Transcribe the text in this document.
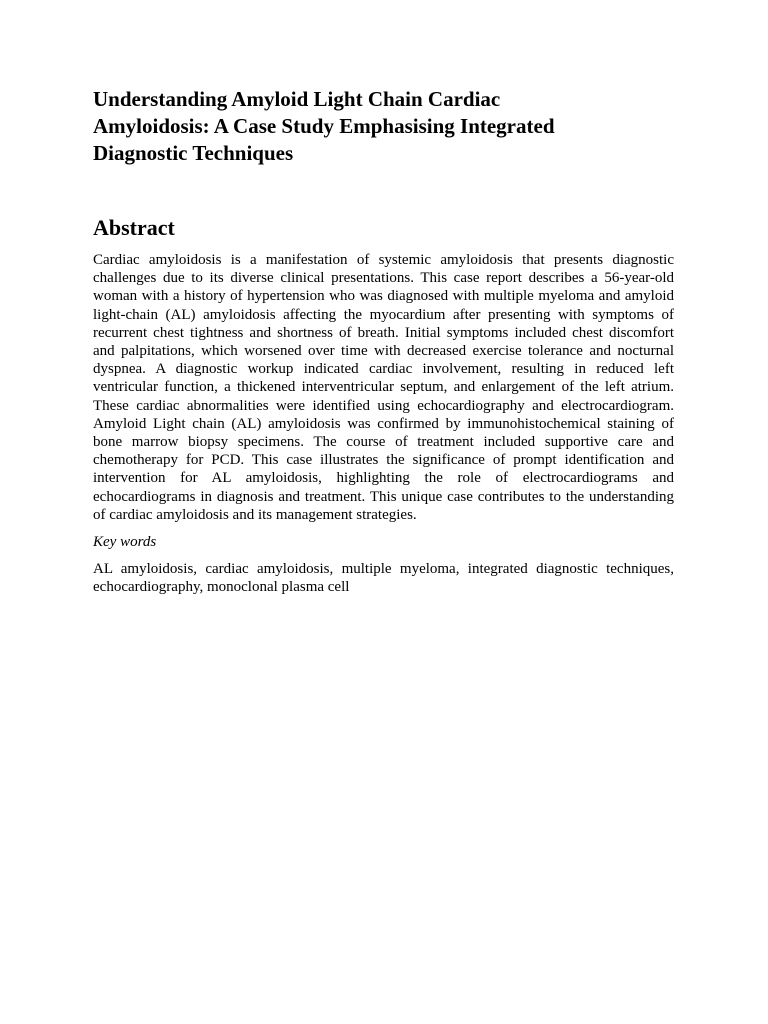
Understanding Amyloid Light Chain Cardiac
Amyloidosis: A Case Study Emphasising Integrated
Diagnostic Techniques
Abstract

Cardiac amyloidosis is a manifestation of systemic amyloidosis that presents diagnostic challenges due to its diverse clinical presentations. This case report describes a 56-year-old woman with a history of hypertension who was diagnosed with multiple myeloma and amyloid light-chain (AL) amyloidosis affecting the myocardium after presenting with symptoms of recurrent chest tightness and shortness of breath. Initial symptoms included chest discomfort and palpitations, which worsened over time with decreased exercise tolerance and nocturnal dyspnea. A diagnostic workup indicated cardiac involvement, resulting in reduced left ventricular function, a thickened interventricular septum, and enlargement of the left atrium. These cardiac abnormalities were identified using echocardiography and electrocardiogram. Amyloid Light chain (AL) amyloidosis was confirmed by immunohistochemical staining of bone marrow biopsy specimens. The course of treatment included supportive care and chemotherapy for PCD. This case illustrates the significance of prompt identification and intervention for AL amyloidosis, highlighting the role of electrocardiograms and echocardiograms in diagnosis and treatment. This unique case contributes to the understanding of cardiac amyloidosis and its management strategies.

Key words

AL amyloidosis, cardiac amyloidosis, multiple myeloma, integrated diagnostic techniques, echocardiography, monoclonal plasma cell
